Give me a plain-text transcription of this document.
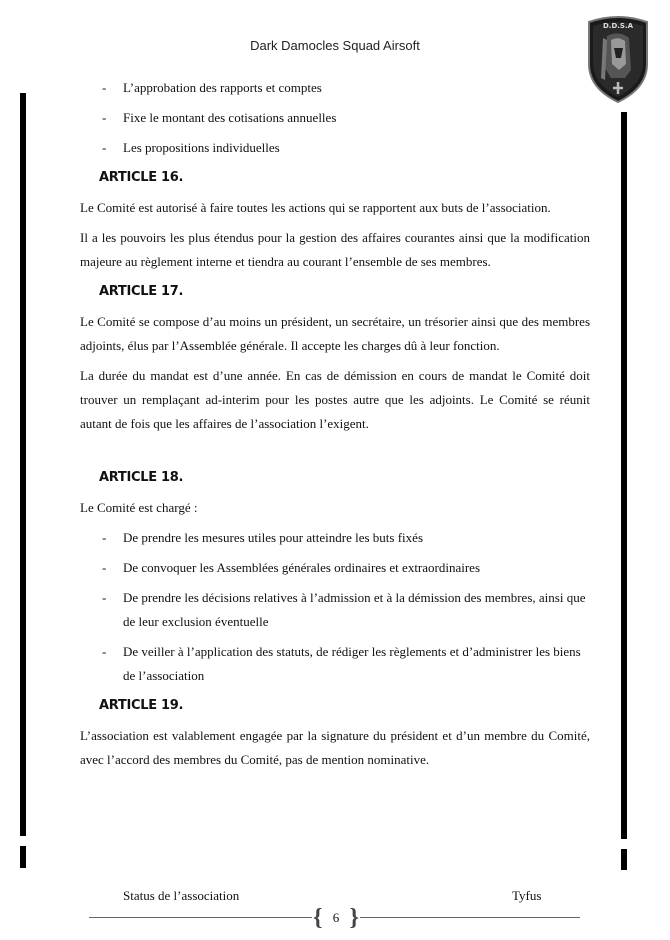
Dark Damocles Squad Airsoft
D.D.S.A
- L’approbation des rapports et comptes
- Fixe le montant des cotisations annuelles
- Les propositions individuelles
ARTICLE 16.

Le Comité est autorisé à faire toutes les actions qui se rapportent aux buts de l’association.

Il a les pouvoirs les plus étendus pour la gestion des affaires courantes ainsi que la modification majeure au règlement interne et tiendra au courant l’ensemble de ses membres.

ARTICLE 17.

Le Comité se compose d’au moins un président, un secrétaire, un trésorier ainsi que des membres adjoints, élus par l’Assemblée générale. Il accepte les charges dû à leur fonction.

La durée du mandat est d’une année. En cas de démission en cours de mandat le Comité doit trouver un remplaçant ad-interim pour les postes autre que les adjoints. Le Comité se réunit autant de fois que les affaires de l’association l’exigent.

ARTICLE 18.

Le Comité est chargé :

- De prendre les mesures utiles pour atteindre les buts fixés
- De convoquer les Assemblées générales ordinaires et extraordinaires
- De prendre les décisions relatives à l’admission et à la démission des membres, ainsi que de leur exclusion éventuelle
- De veiller à l’application des statuts, de rédiger les règlements et d’administrer les biens de l’association
ARTICLE 19.

L’association est valablement engagée par la signature du président et d’un membre du Comité, avec l’accord des membres du Comité, pas de mention nominative.

Status de l’association	Tyfus
{ 6 }
